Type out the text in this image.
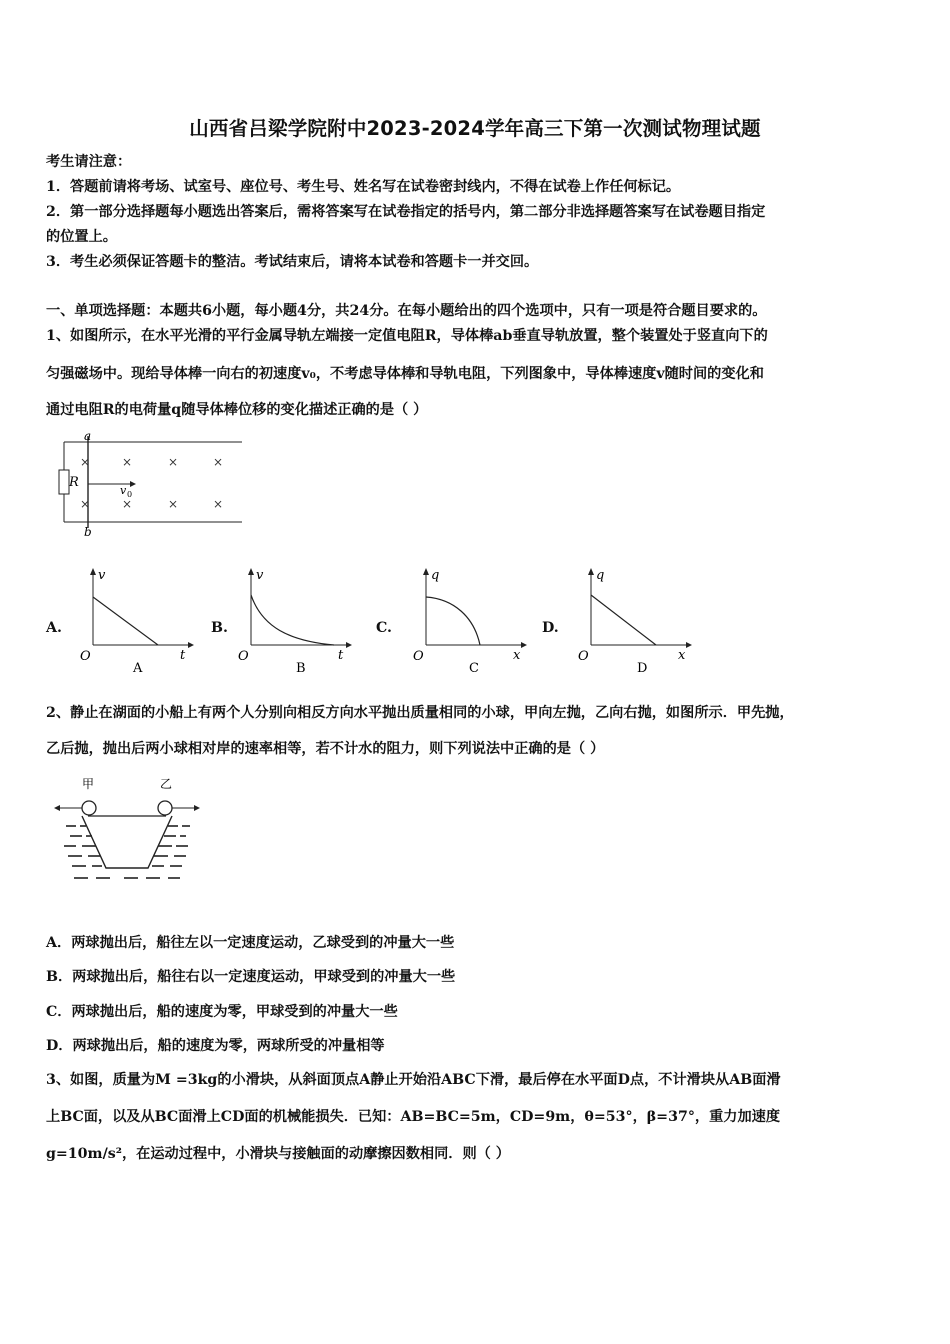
山西省吕梁学院附中2023-2024学年高三下第一次测试物理试题
考生请注意：
1．答题前请将考场、试室号、座位号、考生号、姓名写在试卷密封线内，不得在试卷上作任何标记。
2．第一部分选择题每小题选出答案后，需将答案写在试卷指定的括号内，第二部分非选择题答案写在试卷题目指定
的位置上。
3．考生必须保证答题卡的整洁。考试结束后，请将本试卷和答题卡一并交回。
一、单项选择题：本题共6小题，每小题4分，共24分。在每小题给出的四个选项中，只有一项是符合题目要求的。
1、如图所示，在水平光滑的平行金属导轨左端接一定值电阻R，导体棒ab垂直导轨放置，整个装置处于竖直向下的
匀强磁场中。现给导体棒一向右的初速度v₀，不考虑导体棒和导轨电阻，下列图象中，导体棒速度v随时间的变化和
通过电阻R的电荷量q随导体棒位移的变化描述正确的是（ ）
a
b
R
v 0
×	×	×	×
×	×	×	×
A.
v
t
O
A
B.
v
t
O
B
C.
q
x
O
C
D.
q
x
O
D
2、静止在湖面的小船上有两个人分别向相反方向水平抛出质量相同的小球，甲向左抛，乙向右抛，如图所示．甲先抛，
乙后抛，抛出后两小球相对岸的速率相等，若不计水的阻力，则下列说法中正确的是（ ）
甲	乙
A．两球抛出后，船往左以一定速度运动，乙球受到的冲量大一些
B．两球抛出后，船往右以一定速度运动，甲球受到的冲量大一些
C．两球抛出后，船的速度为零，甲球受到的冲量大一些
D．两球抛出后，船的速度为零，两球所受的冲量相等
3、如图，质量为M =3kg的小滑块，从斜面顶点A静止开始沿ABC下滑，最后停在水平面D点，不计滑块从AB面滑
上BC面，以及从BC面滑上CD面的机械能损失．已知：AB=BC=5m，CD=9m，θ=53°，β=37°，重力加速度
g=10m/s²，在运动过程中，小滑块与接触面的动摩擦因数相同．则（ ）
